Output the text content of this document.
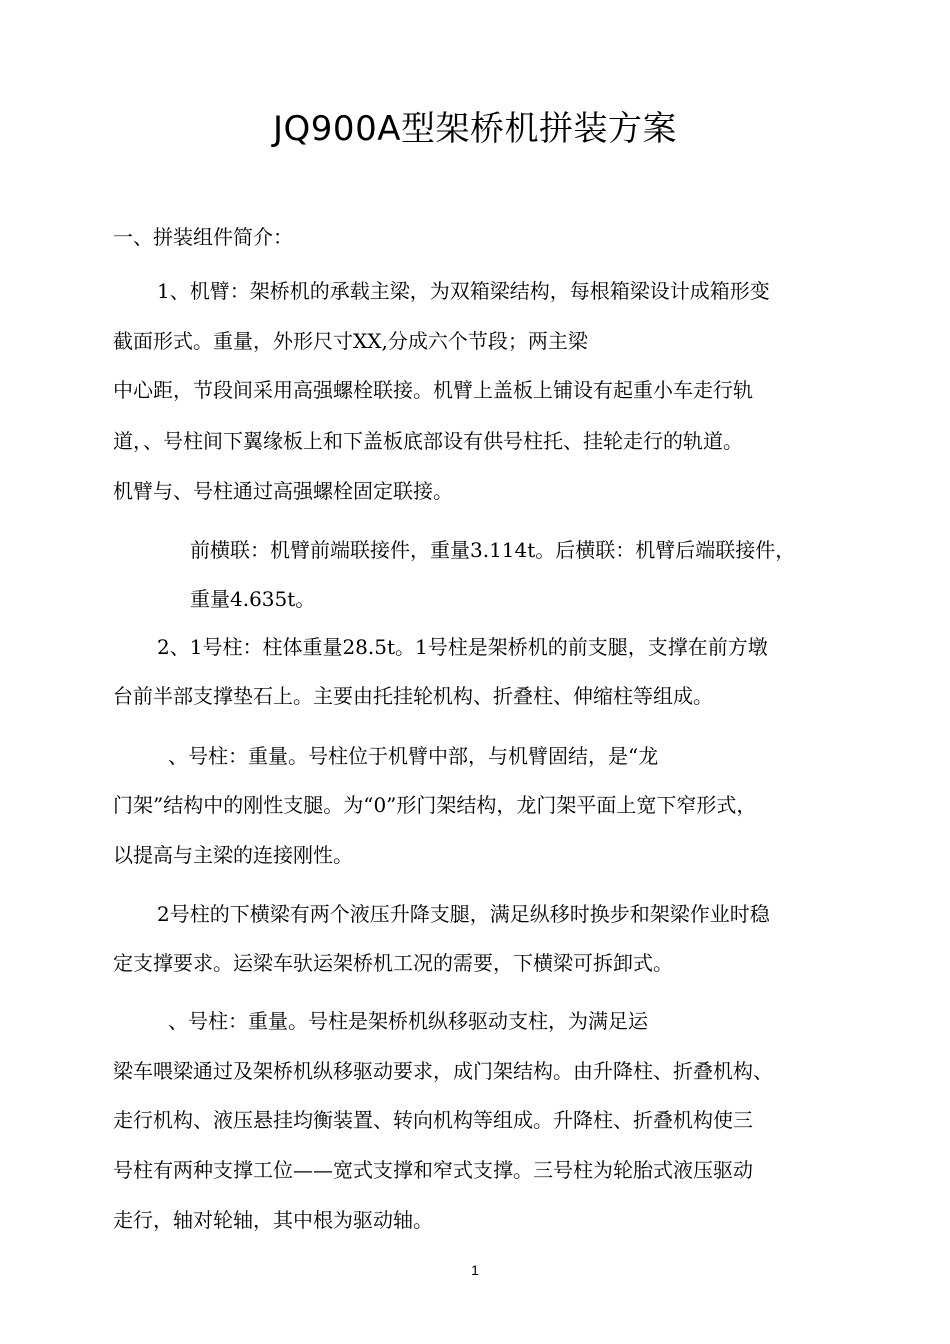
JQ900A型架桥机拼装方案
一、拼装组件简介：
1、机臂：架桥机的承载主梁，为双箱梁结构，每根箱梁设计成箱形变
截面形式。重量，外形尺寸XX,分成六个节段；两主梁
中心距，节段间采用高强螺栓联接。机臂上盖板上铺设有起重小车走行轨
道，、号柱间下翼缘板上和下盖板底部设有供号柱托、挂轮走行的轨道。
机臂与、号柱通过高强螺栓固定联接。
前横联：机臂前端联接件，重量3.114t。后横联：机臂后端联接件，
重量4.635t。
2、1号柱：柱体重量28.5t。1号柱是架桥机的前支腿，支撑在前方墩
台前半部支撑垫石上。主要由托挂轮机构、折叠柱、伸缩柱等组成。
、号柱：重量。号柱位于机臂中部，与机臂固结，是“龙
门架”结构中的刚性支腿。为“0”形门架结构，龙门架平面上宽下窄形式，
以提高与主梁的连接刚性。
2号柱的下横梁有两个液压升降支腿，满足纵移时换步和架梁作业时稳
定支撑要求。运梁车驮运架桥机工况的需要，下横梁可拆卸式。
、号柱：重量。号柱是架桥机纵移驱动支柱，为满足运
梁车喂梁通过及架桥机纵移驱动要求，成门架结构。由升降柱、折叠机构、
走行机构、液压悬挂均衡装置、转向机构等组成。升降柱、折叠机构使三
号柱有两种支撑工位——宽式支撑和窄式支撑。三号柱为轮胎式液压驱动
走行，轴对轮轴，其中根为驱动轴。
1
